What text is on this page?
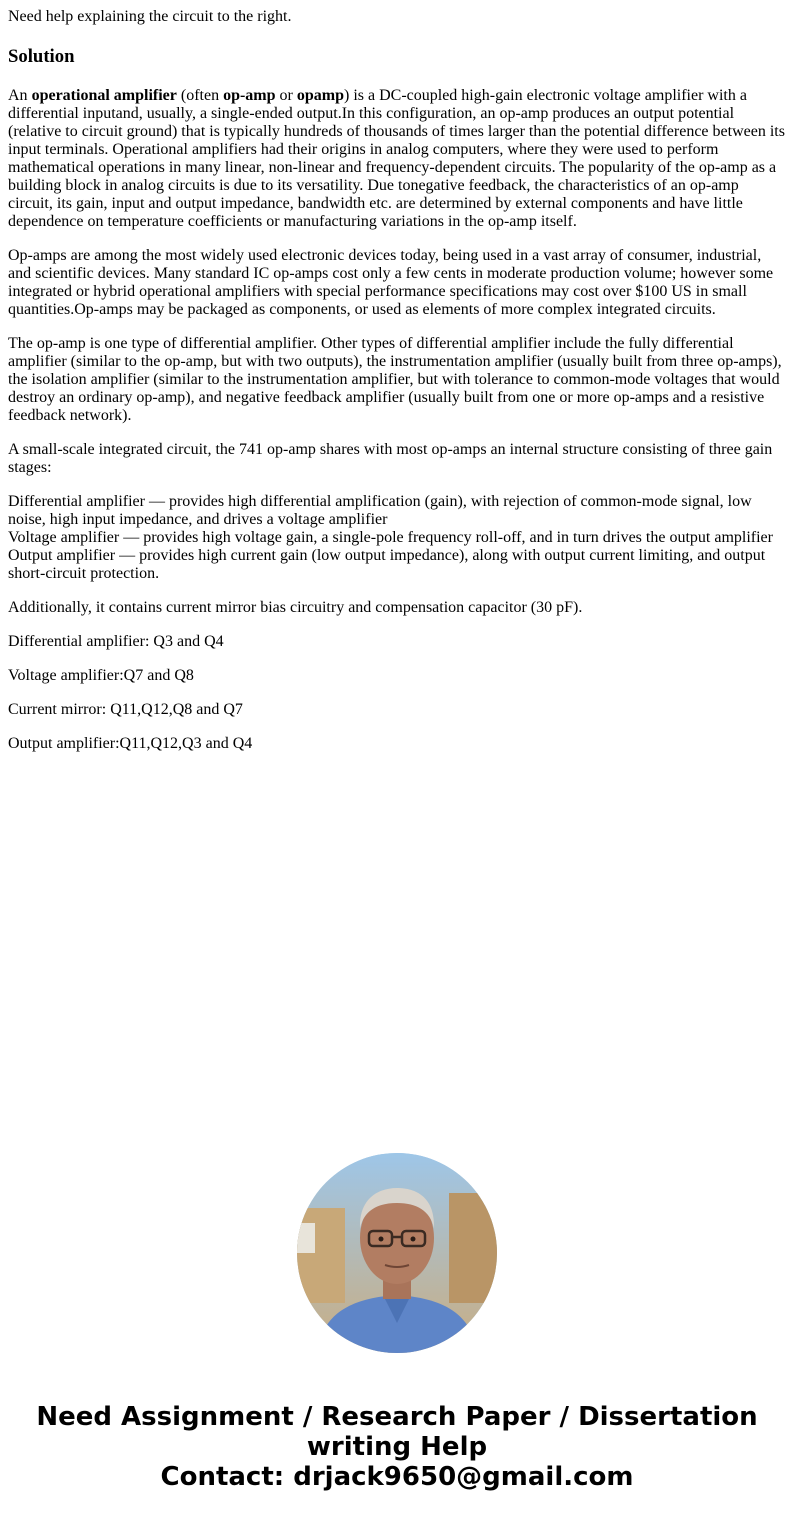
Need help explaining the circuit to the right.
Solution

An operational amplifier (often op-amp or opamp) is a DC-coupled high-gain electronic voltage amplifier with a differential inputand, usually, a single-ended output.In this configuration, an op-amp produces an output potential (relative to circuit ground) that is typically hundreds of thousands of times larger than the potential difference between its input terminals. Operational amplifiers had their origins in analog computers, where they were used to perform mathematical operations in many linear, non-linear and frequency-dependent circuits. The popularity of the op-amp as a building block in analog circuits is due to its versatility. Due tonegative feedback, the characteristics of an op-amp circuit, its gain, input and output impedance, bandwidth etc. are determined by external components and have little dependence on temperature coefficients or manufacturing variations in the op-amp itself.

Op-amps are among the most widely used electronic devices today, being used in a vast array of consumer, industrial, and scientific devices. Many standard IC op-amps cost only a few cents in moderate production volume; however some integrated or hybrid operational amplifiers with special performance specifications may cost over $100 US in small quantities.Op-amps may be packaged as components, or used as elements of more complex integrated circuits.

The op-amp is one type of differential amplifier. Other types of differential amplifier include the fully differential amplifier (similar to the op-amp, but with two outputs), the instrumentation amplifier (usually built from three op-amps), the isolation amplifier (similar to the instrumentation amplifier, but with tolerance to common-mode voltages that would destroy an ordinary op-amp), and negative feedback amplifier (usually built from one or more op-amps and a resistive feedback network).

A small-scale integrated circuit, the 741 op-amp shares with most op-amps an internal structure consisting of three gain stages:

Differential amplifier — provides high differential amplification (gain), with rejection of common-mode signal, low noise, high input impedance, and drives a voltage amplifier
Voltage amplifier — provides high voltage gain, a single-pole frequency roll-off, and in turn drives the output amplifier
Output amplifier — provides high current gain (low output impedance), along with output current limiting, and output short-circuit protection.

Additionally, it contains current mirror bias circuitry and compensation capacitor (30 pF).

Differential amplifier: Q3 and Q4

Voltage amplifier:Q7 and Q8

Current mirror: Q11,Q12,Q8 and Q7

Output amplifier:Q11,Q12,Q3 and Q4

Need Assignment / Research Paper / Dissertation
writing Help
Contact: drjack9650@gmail.com
